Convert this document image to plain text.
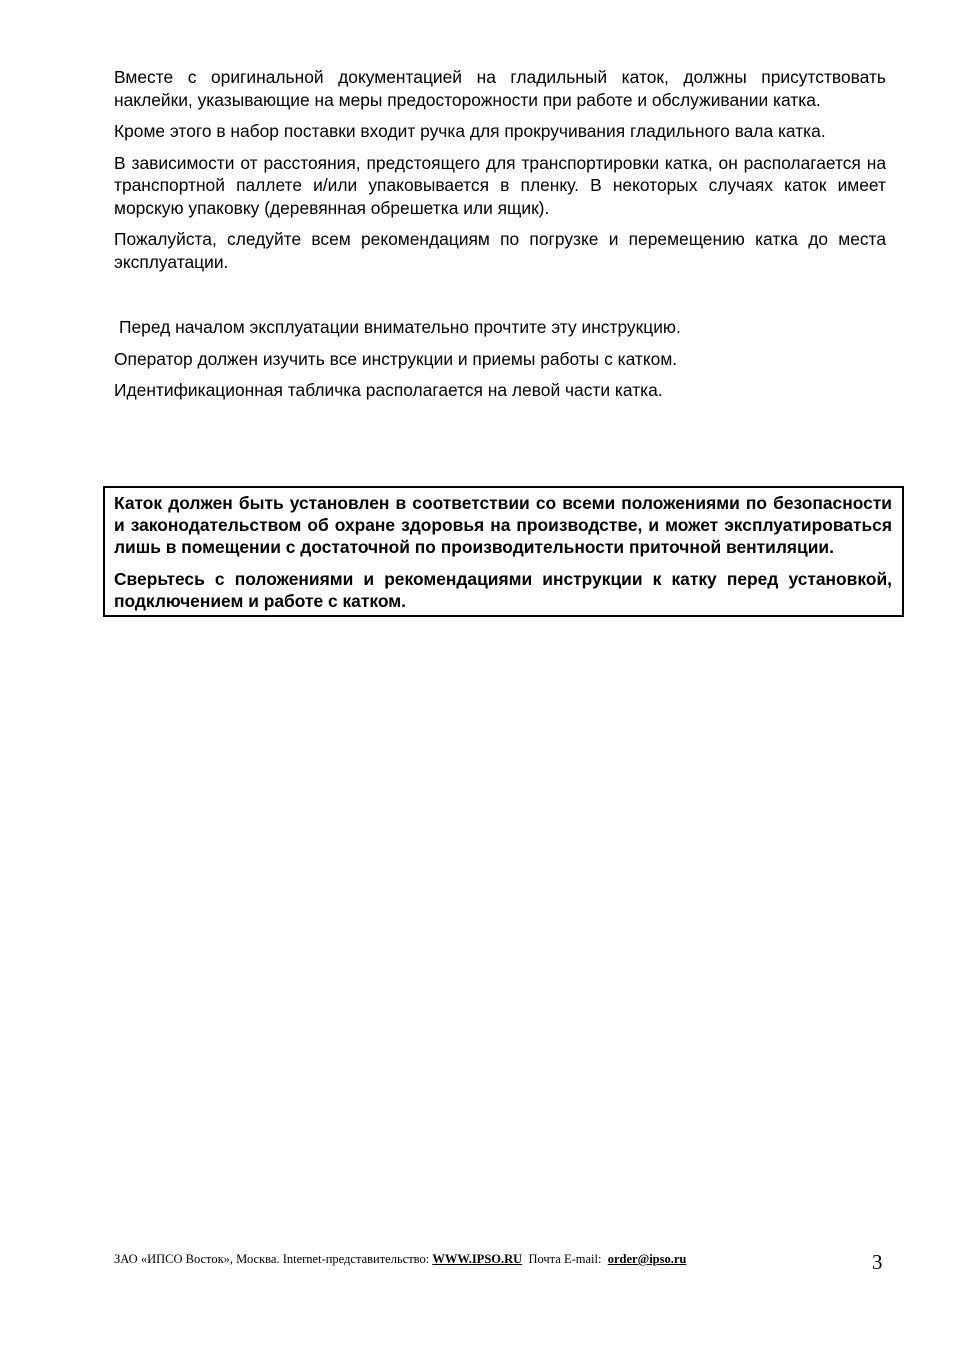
Вместе с оригинальной документацией на гладильный каток, должны присутствовать наклейки, указывающие на меры предосторожности при работе и обслуживании катка.

Кроме этого в набор поставки входит ручка для прокручивания гладильного вала катка.

В зависимости от расстояния, предстоящего для транспортировки катка, он располагается на транспортной паллете и/или упаковывается в пленку. В некоторых случаях каток имеет морскую упаковку (деревянная обрешетка или ящик).

Пожалуйста, следуйте всем рекомендациям по погрузке и перемещению катка до места эксплуатации.

Перед началом эксплуатации внимательно прочтите эту инструкцию.

Оператор должен изучить все инструкции и приемы работы с катком.

Идентификационная табличка располагается на левой части катка.

Каток должен быть установлен в соответствии со всеми положениями по безопасности и законодательством об охране здоровья на производстве, и может эксплуатироваться лишь в помещении с достаточной по производительности приточной вентиляции.

Сверьтесь с положениями и рекомендациями инструкции к катку перед установкой, подключением и работе с катком.

ЗАО «ИПСО Восток», Москва. Internet-представительство: WWW.IPSO.RU Почта E-mail: order@ipso.ru	3
